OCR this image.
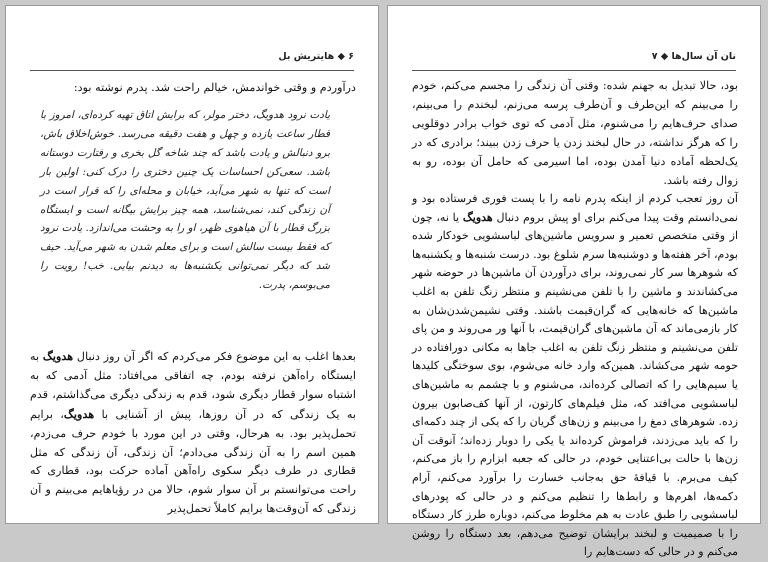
۶ ◆ هایتریش بل

درآوردم و وقتی خواندمش، خیالم راحت شد. پدرم نوشته بود:

یادت نرود هدویگ، دختر مولر، که برایش اتاق تهیه کرده‌ای، امروز با قطار ساعت یازده و چهل و هفت دقیقه می‌رسد. خوش‌اخلاق باش، برو دنبالش و یادت باشد که چند شاخه گل بخری و رفتارت دوستانه باشد. سعی‌کن احساسات یک چنین دختری را درک کنی: اولین بار است که تنها به شهر می‌آید، خیابان و محله‌ای را که قرار است در آن زندگی کند، نمی‌شناسد، همه چیز برایش بیگانه است و ایستگاه بزرگ قطار با آن هیاهوی ظهر، او را به وحشت می‌اندازد. یادت نرود که فقط بیست سالش است و برای معلم شدن به شهر می‌آید. حیف شد که دیگر نمی‌توانی یکشنبه‌ها به دیدنم بیایی. خب! رویت را می‌بوسم، پدرت.

بعدها اغلب به این موضوع فکر می‌کردم که اگر آن روز دنبال هدویگ به ایستگاه راه‌آهن نرفته بودم، چه اتفاقی می‌افتاد: مثل آدمی که به اشتباه سوار قطار دیگری شود، قدم به زندگی دیگری می‌گذاشتم، قدم به یک زندگی که در آن روزها، پیش از آشنایی با هدویگ، برایم تحمل‌پذیر بود. به هرحال، وقتی در این مورد با خودم حرف می‌زدم، همین اسم را به آن زندگی می‌دادم؛ آن زندگی، آن زندگی که مثل قطاری در طرف دیگر سکوی راه‌آهن آماده حرکت بود، قطاری که راحت می‌توانستم بر آن سوار شوم، حالا من در رؤیاهایم می‌بینم و آن زندگی که آن‌وقت‌ها برایم کاملاً تحمل‌پذیر

نان آن سال‌ها ◆ ۷

بود، حالا تبدیل به جهنم شده: وقتی آن زندگی را مجسم می‌کنم، خودم را می‌بینم که این‌طرف و آن‌طرف پرسه می‌زنم، لبخندم را می‌بینم، صدای حرف‌هایم را می‌شنوم، مثل آدمی که توی خواب برادر دوقلویی را که هرگز نداشته، در حال لبخند زدن یا حرف زدن ببیند؛ برادری که در یک‌لحظه آماده دنیا آمدن بوده، اما اسیرمی که حامل آن بوده، رو به زوال رفته باشد.

آن روز تعجب کردم از اینکه پدرم نامه را با پست فوری فرستاده بود و نمی‌دانستم وقت پیدا می‌کنم برای او پیش بروم دنبال هدویگ یا نه، چون از وقتی متخصص تعمیر و سرویس ماشین‌های لباسشویی خودکار شده بودم، آخر هفته‌ها و دوشنبه‌ها سرم شلوغ بود. درست شنبه‌ها و یکشنبه‌ها که شوهرها سر کار نمی‌روند، برای درآوردن آن ماشین‌ها در حوضه شهر می‌کشاندند و ماشین را با تلفن می‌نشینم و منتظر زنگ تلفن به اغلب ماشین‌ها که خانه‌هایی که گران‌قیمت باشند. وقتی نشیمن‌شدن‌شان به کار بازمی‌ماند که آن ماشین‌های گران‌قیمت، با آنها ور می‌روند و من پای تلفن می‌نشینم و منتظر زنگ تلفن به اغلب جاها به مکانی دورافتاده در حومه شهر می‌کشاند. همین‌که وارد خانه می‌شوم، بوی سوختگی کلیدها یا سیم‌هایی را که اتصالی کرده‌اند، می‌شنوم و با چشمم به ماشین‌های لباسشویی می‌افتد که، مثل فیلم‌های کارتون، از آنها کف‌صابون بیرون زده. شوهرهای دمغ را می‌بینم و زن‌های گریان را که یکی از چند دکمه‌ای را که باید می‌زدند، فراموش کرده‌اند یا یکی را دوبار زده‌اند؛ آنوقت آن زن‌ها با حالت بی‌اعتنایی خودم، در حالی که جعبه ابزارم را باز می‌کنم، کیف می‌برم. با قیافهٔ حق به‌جانب خسارت را برآورد می‌کنم، آرام دکمه‌ها، اهرم‌ها و رابط‌ها را تنظیم می‌کنم و در حالی که پودرهای لباسشویی را طبق عادت به هم مخلوط می‌کنم، دوباره طرز کار دستگاه را با صمیمیت و لبخند برایشان توضیح می‌دهم، بعد دستگاه را روشن می‌کنم و در حالی که دست‌هایم را
